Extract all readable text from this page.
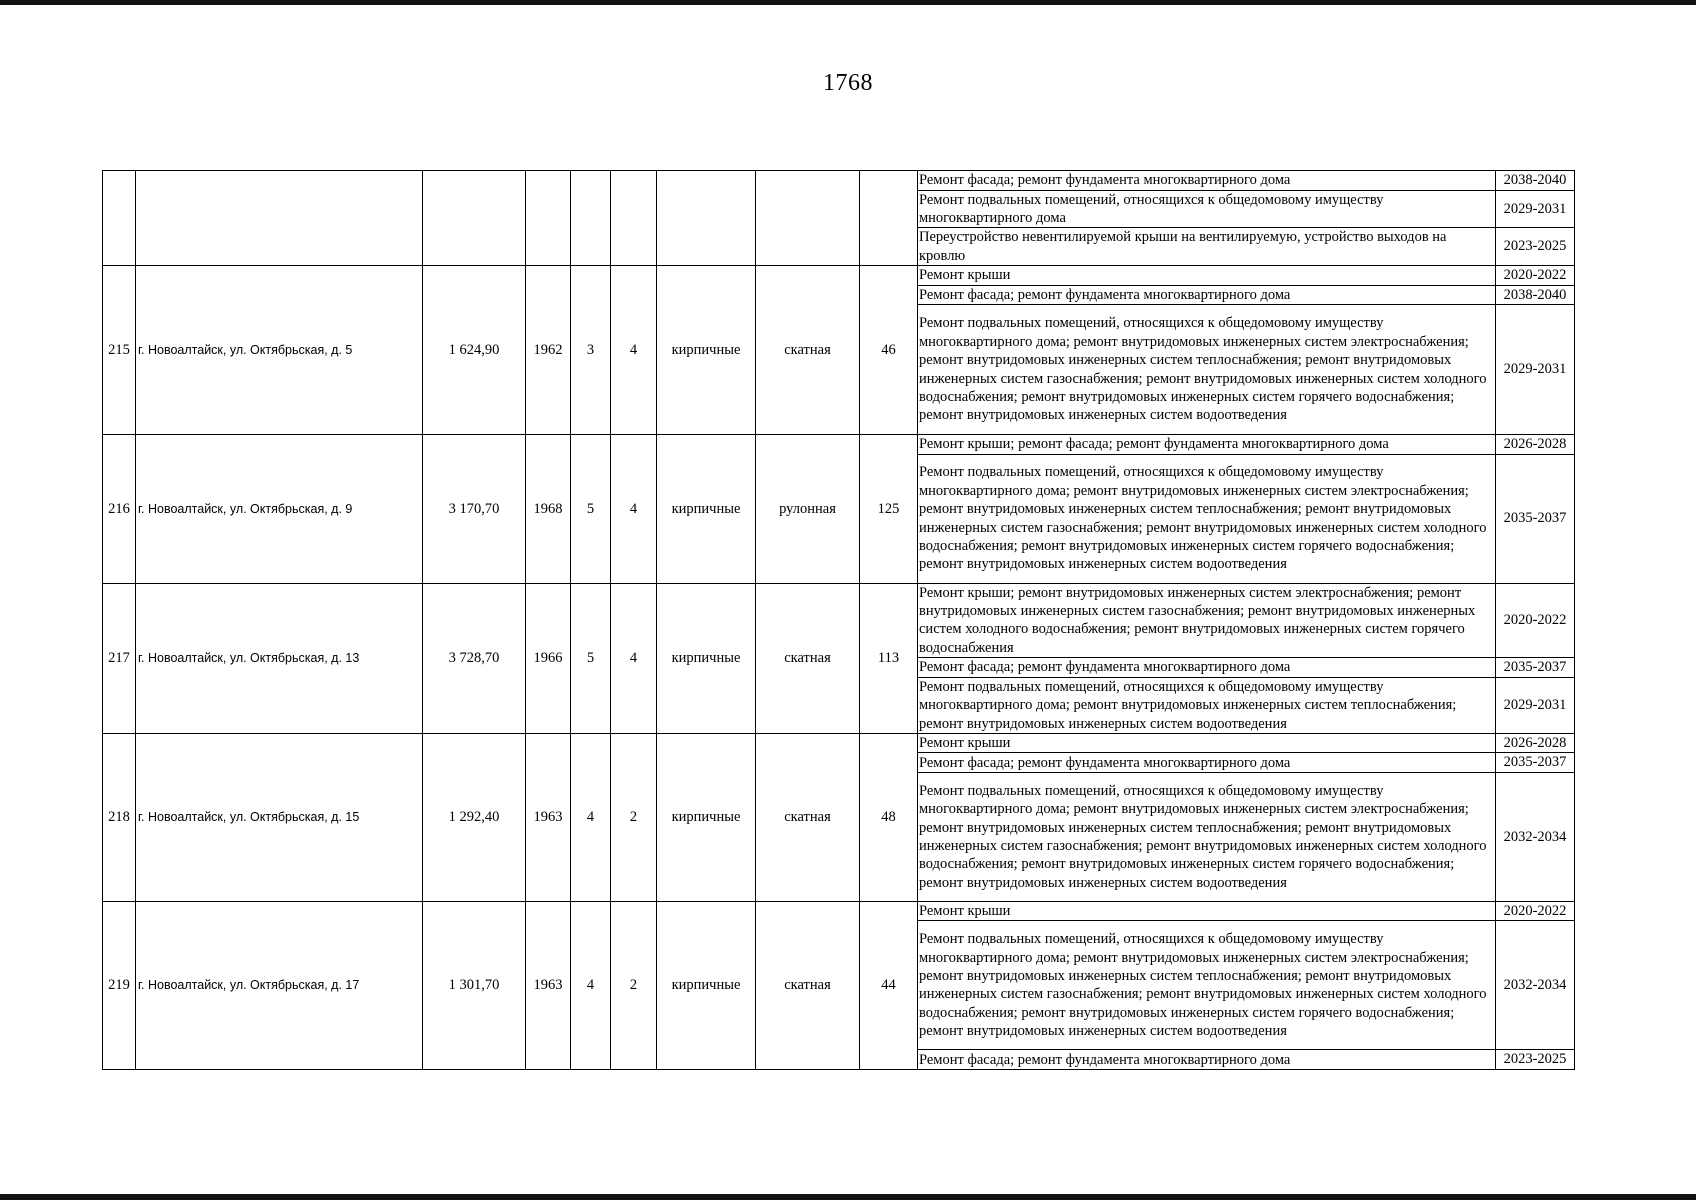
1768
									Ремонт фасада; ремонт фундамента многоквартирного дома	2038-2040
									Ремонт подвальных помещений, относящихся к общедомовому имуществу многоквартирного дома	2029-2031
									Переустройство невентилируемой крыши на вентилируемую, устройство выходов на кровлю	2023-2025
215	г. Новоалтайск, ул. Октябрьская, д. 5	1 624,90	1962	3	4	кирпичные	скатная	46	Ремонт крыши	2020-2022
									Ремонт фасада; ремонт фундамента многоквартирного дома	2038-2040
									Ремонт подвальных помещений, относящихся к общедомовому имуществу многоквартирного дома; ремонт внутридомовых инженерных систем электроснабжения; ремонт внутридомовых инженерных систем теплоснабжения; ремонт внутридомовых инженерных систем газоснабжения; ремонт внутридомовых инженерных систем холодного водоснабжения; ремонт внутридомовых инженерных систем горячего водоснабжения; ремонт внутридомовых инженерных систем водоотведения	2029-2031
216	г. Новоалтайск, ул. Октябрьская, д. 9	3 170,70	1968	5	4	кирпичные	рулонная	125	Ремонт крыши; ремонт фасада; ремонт фундамента многоквартирного дома	2026-2028
									Ремонт подвальных помещений, относящихся к общедомовому имуществу многоквартирного дома; ремонт внутридомовых инженерных систем электроснабжения; ремонт внутридомовых инженерных систем теплоснабжения; ремонт внутридомовых инженерных систем газоснабжения; ремонт внутридомовых инженерных систем холодного водоснабжения; ремонт внутридомовых инженерных систем горячего водоснабжения; ремонт внутридомовых инженерных систем водоотведения	2035-2037
217	г. Новоалтайск, ул. Октябрьская, д. 13	3 728,70	1966	5	4	кирпичные	скатная	113	Ремонт крыши; ремонт внутридомовых инженерных систем электроснабжения; ремонт внутридомовых инженерных систем газоснабжения; ремонт внутридомовых инженерных систем холодного водоснабжения; ремонт внутридомовых инженерных систем горячего водоснабжения	2020-2022
									Ремонт фасада; ремонт фундамента многоквартирного дома	2035-2037
									Ремонт подвальных помещений, относящихся к общедомовому имуществу многоквартирного дома; ремонт внутридомовых инженерных систем теплоснабжения; ремонт внутридомовых инженерных систем водоотведения	2029-2031
218	г. Новоалтайск, ул. Октябрьская, д. 15	1 292,40	1963	4	2	кирпичные	скатная	48	Ремонт крыши	2026-2028
									Ремонт фасада; ремонт фундамента многоквартирного дома	2035-2037
									Ремонт подвальных помещений, относящихся к общедомовому имуществу многоквартирного дома; ремонт внутридомовых инженерных систем электроснабжения; ремонт внутридомовых инженерных систем теплоснабжения; ремонт внутридомовых инженерных систем газоснабжения; ремонт внутридомовых инженерных систем холодного водоснабжения; ремонт внутридомовых инженерных систем горячего водоснабжения; ремонт внутридомовых инженерных систем водоотведения	2032-2034
219	г. Новоалтайск, ул. Октябрьская, д. 17	1 301,70	1963	4	2	кирпичные	скатная	44	Ремонт крыши	2020-2022
									Ремонт подвальных помещений, относящихся к общедомовому имуществу многоквартирного дома; ремонт внутридомовых инженерных систем электроснабжения; ремонт внутридомовых инженерных систем теплоснабжения; ремонт внутридомовых инженерных систем газоснабжения; ремонт внутридомовых инженерных систем холодного водоснабжения; ремонт внутридомовых инженерных систем горячего водоснабжения; ремонт внутридомовых инженерных систем водоотведения	2032-2034
									Ремонт фасада; ремонт фундамента многоквартирного дома	2023-2025
